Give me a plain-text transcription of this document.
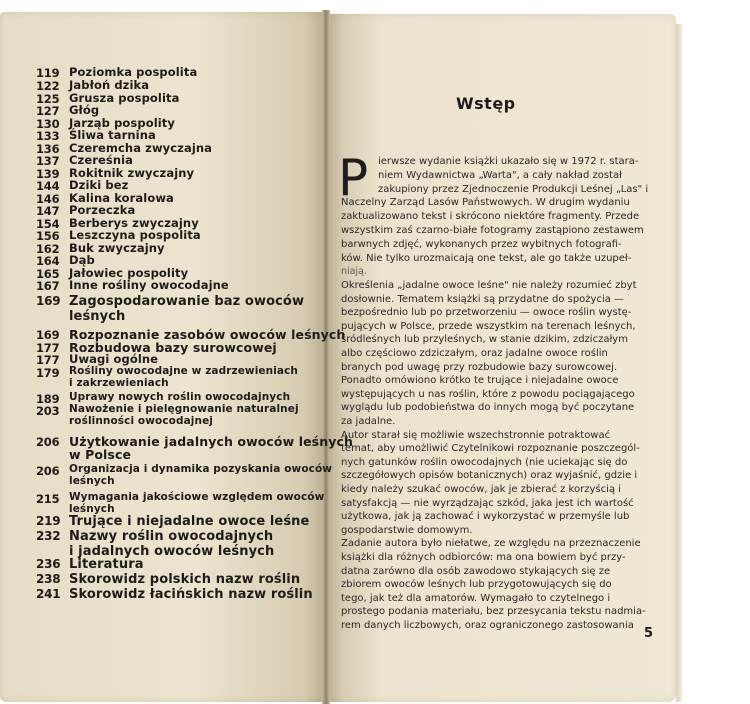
119 Poziomka pospolita
122 Jabłoń dzika
125 Grusza pospolita
127 Głóg
130 Jarząb pospolity
133 Śliwa tarnina
136 Czeremcha zwyczajna
137 Czereśnia
139 Rokitnik zwyczajny
144 Dziki bez
146 Kalina koralowa
147 Porzeczka
154 Berberys zwyczajny
156 Leszczyna pospolita
162 Buk zwyczajny
164 Dąb
165 Jałowiec pospolity
167 Inne rośliny owocodajne
169 Zagospodarowanie baz owoców
leśnych
169 Rozpoznanie zasobów owoców leśnych
177 Rozbudowa bazy surowcowej
177 Uwagi ogólne
179 Rośliny owocodajne w zadrzewieniach
i zakrzewieniach
189 Uprawy nowych roślin owocodajnych
203 Nawożenie i pielęgnowanie naturalnej
roślinności owocodajnej
206 Użytkowanie jadalnych owoców leśnych
w Polsce
206 Organizacja i dynamika pozyskania owoców
leśnych
215 Wymagania jakościowe względem owoców
leśnych
219 Trujące i niejadalne owoce leśne
232 Nazwy roślin owocodajnych
i jadalnych owoców leśnych
236 Literatura
238 Skorowidz polskich nazw roślin
241 Skorowidz łacińskich nazw roślin
Wstęp
P ierwsze wydanie książki ukazało się w 1972 r. stara-
niem Wydawnictwa „Warta", a cały nakład został
zakupiony przez Zjednoczenie Produkcji Leśnej „Las" i
Naczelny Zarząd Lasów Państwowych. W drugim wydaniu
zaktualizowano tekst i skrócono niektóre fragmenty. Przede
wszystkim zaś czarno-białe fotogramy zastąpiono zestawem
barwnych zdjęć, wykonanych przez wybitnych fotografi-
ków. Nie tylko urozmaicają one tekst, ale go także uzupeł-
niają.
Określenia „jadalne owoce leśne" nie należy rozumieć zbyt
dosłownie. Tematem książki są przydatne do spożycia —
bezpośrednio lub po przetworzeniu — owoce roślin wystę-
pujących w Polsce, przede wszystkim na terenach leśnych,
śródleśnych lub przyleśnych, w stanie dzikim, zdziczałym
albo częściowo zdziczałym, oraz jadalne owoce roślin
branych pod uwagę przy rozbudowie bazy surowcowej.
Ponadto omówiono krótko te trujące i niejadalne owoce
występujących u nas roślin, które z powodu pociągającego
wyglądu lub podobieństwa do innych mogą być poczytane
za jadalne.
Autor starał się możliwie wszechstronnie potraktować
temat, aby umożliwić Czytelnikowi rozpoznanie poszczegól-
nych gatunków roślin owocodajnych (nie uciekając się do
szczegółowych opisów botanicznych) oraz wyjaśnić, gdzie i
kiedy należy szukać owoców, jak je zbierać z korzyścią i
satysfakcją — nie wyrządzając szkód, jaka jest ich wartość
użytkowa, jak ją zachować i wykorzystać w przemyśle lub
gospodarstwie domowym.
Zadanie autora było niełatwe, ze względu na przeznaczenie
książki dla różnych odbiorców: ma ona bowiem być przy-
datna zarówno dla osób zawodowo stykających się ze
zbiorem owoców leśnych lub przygotowujących się do
tego, jak też dla amatorów. Wymagało to czytelnego i
prostego podania materiału, bez przesycania tekstu nadmia-
rem danych liczbowych, oraz ograniczonego zastosowania
5
